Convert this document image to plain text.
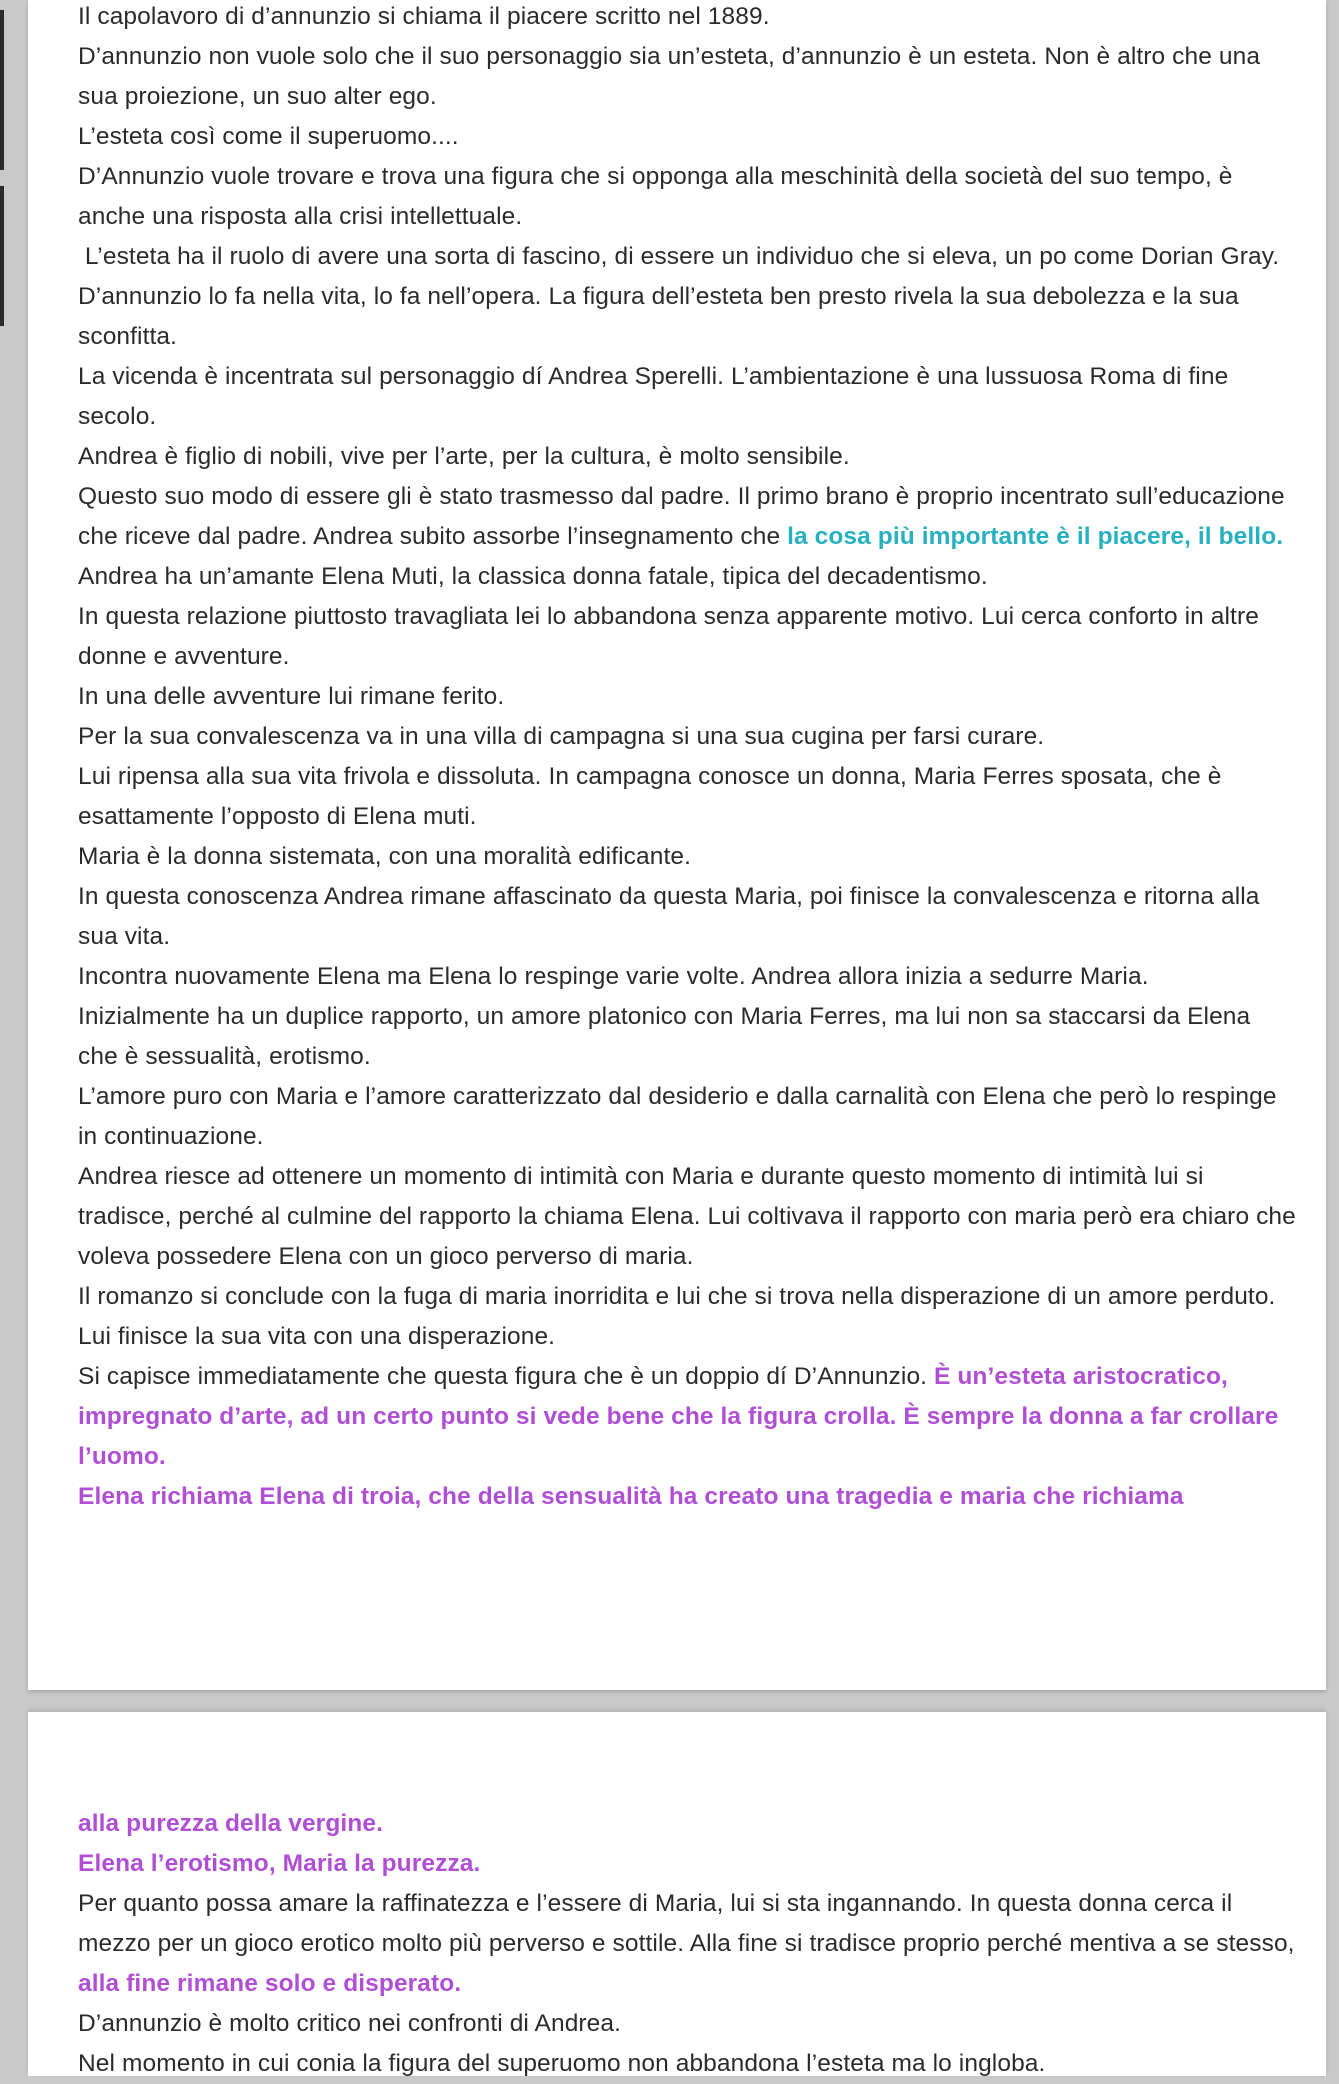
Il capolavoro di d’annunzio si chiama il piacere scritto nel 1889.

D’annunzio non vuole solo che il suo personaggio sia un’esteta, d’annunzio è un esteta. Non è altro che una sua proiezione, un suo alter ego.

L’esteta così come il superuomo....

D’Annunzio vuole trovare e trova una figura che si opponga alla meschinità della società del suo tempo, è anche una risposta alla crisi intellettuale.

L’esteta ha il ruolo di avere una sorta di fascino, di essere un individuo che si eleva, un po come Dorian Gray.

D’annunzio lo fa nella vita, lo fa nell’opera. La figura dell’esteta ben presto rivela la sua debolezza e la sua sconfitta.

La vicenda è incentrata sul personaggio dí Andrea Sperelli. L’ambientazione è una lussuosa Roma di fine secolo.

Andrea è figlio di nobili, vive per l’arte, per la cultura, è molto sensibile.

Questo suo modo di essere gli è stato trasmesso dal padre. Il primo brano è proprio incentrato sull’educazione che riceve dal padre. Andrea subito assorbe l’insegnamento che la cosa più importante è il piacere, il bello.

Andrea ha un’amante Elena Muti, la classica donna fatale, tipica del decadentismo.

In questa relazione piuttosto travagliata lei lo abbandona senza apparente motivo. Lui cerca conforto in altre donne e avventure.

In una delle avventure lui rimane ferito.

Per la sua convalescenza va in una villa di campagna si una sua cugina per farsi curare.

Lui ripensa alla sua vita frivola e dissoluta. In campagna conosce un donna, Maria Ferres sposata, che è esattamente l’opposto di Elena muti.

Maria è la donna sistemata, con una moralità edificante.

In questa conoscenza Andrea rimane affascinato da questa Maria, poi finisce la convalescenza e ritorna alla sua vita.

Incontra nuovamente Elena ma Elena lo respinge varie volte. Andrea allora inizia a sedurre Maria.

Inizialmente ha un duplice rapporto, un amore platonico con Maria Ferres, ma lui non sa staccarsi da Elena che è sessualità, erotismo.

L’amore puro con Maria e l’amore caratterizzato dal desiderio e dalla carnalità con Elena che però lo respinge in continuazione.

Andrea riesce ad ottenere un momento di intimità con Maria e durante questo momento di intimità lui si tradisce, perché al culmine del rapporto la chiama Elena. Lui coltivava il rapporto con maria però era chiaro che voleva possedere Elena con un gioco perverso di maria.

Il romanzo si conclude con la fuga di maria inorridita e lui che si trova nella disperazione di un amore perduto. Lui finisce la sua vita con una disperazione.

Si capisce immediatamente che questa figura che è un doppio dí D’Annunzio. È un’esteta aristocratico, impregnato d’arte, ad un certo punto si vede bene che la figura crolla. È sempre la donna a far crollare l’uomo.

Elena richiama Elena di troia, che della sensualità ha creato una tragedia e maria che richiama

alla purezza della vergine.

Elena l’erotismo, Maria la purezza.

Per quanto possa amare la raffinatezza e l’essere di Maria, lui si sta ingannando. In questa donna cerca il mezzo per un gioco erotico molto più perverso e sottile. Alla fine si tradisce proprio perché mentiva a se stesso, alla fine rimane solo e disperato.

D’annunzio è molto critico nei confronti di Andrea.

Nel momento in cui conia la figura del superuomo non abbandona l’esteta ma lo ingloba.
